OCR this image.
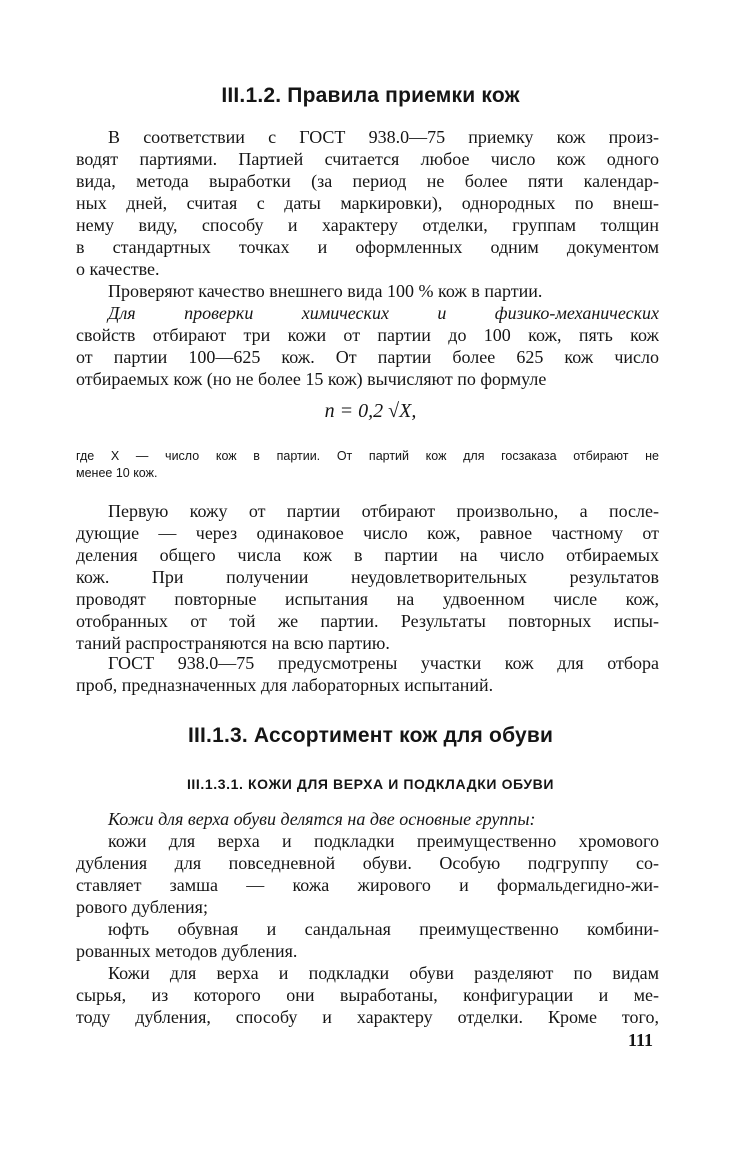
III.1.2. Правила приемки кож
В соответствии с ГОСТ 938.0—75 приемку кож произ-
водят партиями. Партией считается любое число кож одного
вида, метода выработки (за период не более пяти календар-
ных дней, считая с даты маркировки), однородных по внеш-
нему виду, способу и характеру отделки, группам толщин
в стандартных точках и оформленных одним документом
о качестве.
Проверяют качество внешнего вида 100 % кож в партии.
Для проверки химических и физико-механических
свойств отбирают три кожи от партии до 100 кож, пять кож
от партии 100—625 кож. От партии более 625 кож число
отбираемых кож (но не более 15 кож) вычисляют по формуле
n = 0,2 √X,
где X — число кож в партии. От партий кож для госзаказа отбирают не
менее 10 кож.
Первую кожу от партии отбирают произвольно, а после-
дующие — через одинаковое число кож, равное частному от
деления общего числа кож в партии на число отбираемых
кож. При получении неудовлетворительных результатов
проводят повторные испытания на удвоенном числе кож,
отобранных от той же партии. Результаты повторных испы-
таний распространяются на всю партию.
ГОСТ 938.0—75 предусмотрены участки кож для отбора
проб, предназначенных для лабораторных испытаний.
III.1.3. Ассортимент кож для обуви
III.1.3.1. КОЖИ ДЛЯ ВЕРХА И ПОДКЛАДКИ ОБУВИ
Кожи для верха обуви делятся на две основные группы:
кожи для верха и подкладки преимущественно хромового
дубления для повседневной обуви. Особую подгруппу со-
ставляет замша — кожа жирового и формальдегидно-жи-
рового дубления;
юфть обувная и сандальная преимущественно комбини-
рованных методов дубления.
Кожи для верха и подкладки обуви разделяют по видам
сырья, из которого они выработаны, конфигурации и ме-
тоду дубления, способу и характеру отделки. Кроме того,
111
